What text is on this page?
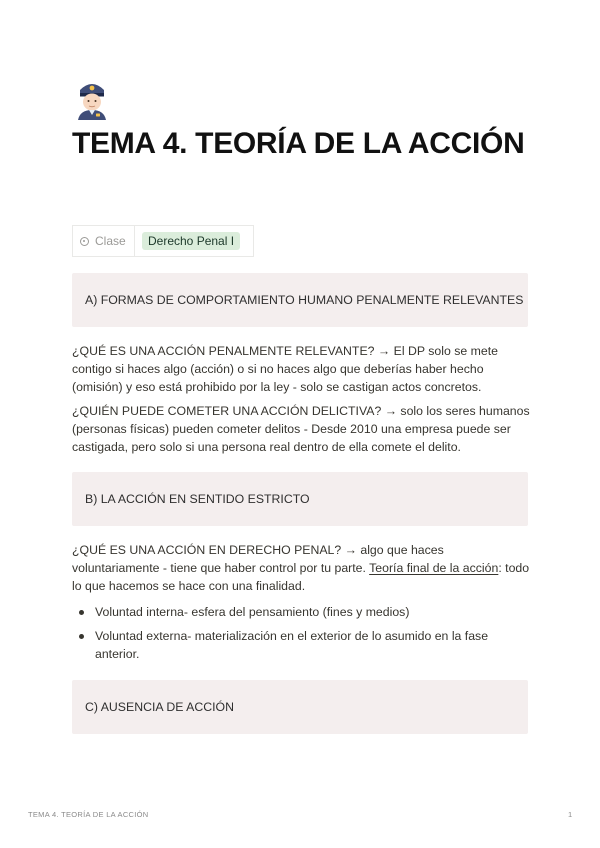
TEMA 4. TEORÍA DE LA ACCIÓN
Clase	Derecho Penal I
A) FORMAS DE COMPORTAMIENTO HUMANO PENALMENTE RELEVANTES

¿QUÉ ES UNA ACCIÓN PENALMENTE RELEVANTE? → El DP solo se mete contigo si haces algo (acción) o si no haces algo que deberías haber hecho (omisión) y eso está prohibido por la ley - solo se castigan actos concretos.

¿QUIÉN PUEDE COMETER UNA ACCIÓN DELICTIVA? → solo los seres humanos (personas físicas) pueden cometer delitos - Desde 2010 una empresa puede ser castigada, pero solo si una persona real dentro de ella comete el delito.

B) LA ACCIÓN EN SENTIDO ESTRICTO

¿QUÉ ES UNA ACCIÓN EN DERECHO PENAL? → algo que haces voluntariamente - tiene que haber control por tu parte. Teoría final de la acción: todo lo que hacemos se hace con una finalidad.

Voluntad interna- esfera del pensamiento (fines y medios)
Voluntad externa- materialización en el exterior de lo asumido en la fase anterior.
C) AUSENCIA DE ACCIÓN
TEMA 4. TEORÍA DE LA ACCIÓN	1
